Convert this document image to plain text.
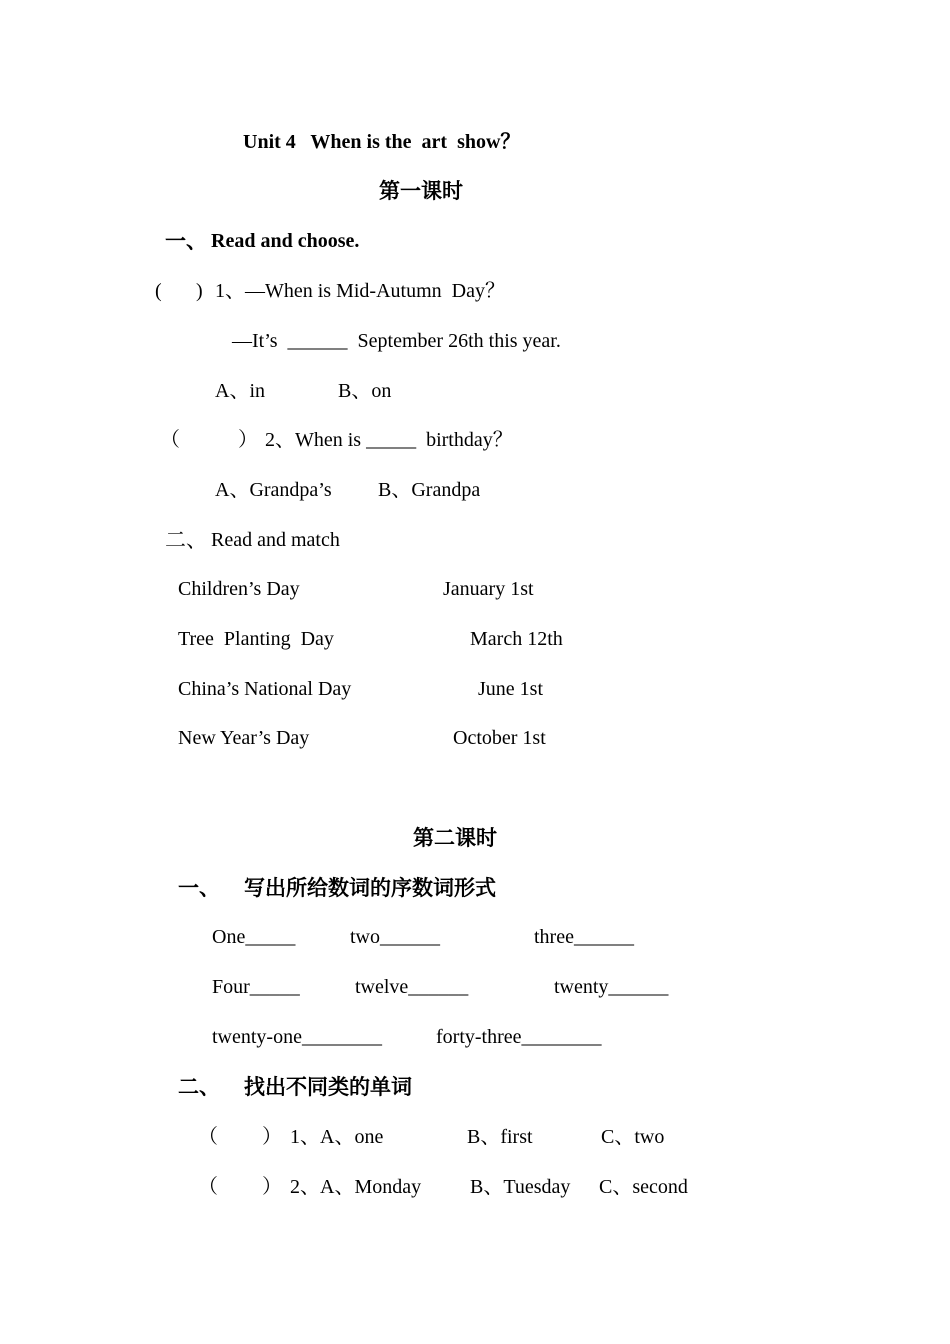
Unit 4   When is the  art  show？
第一课时
一、 Read and choose.
( ) 1、—When is Mid-Autumn  Day？
—It’s  ______  September 26th this year.
A、in	B、on
（	） 2、When is _____  birthday？
A、Grandpa’s B、Grandpa
二、 Read and match
Children’s Day	January 1st
Tree  Planting  Day	March 12th
China’s National Day	June 1st
New Year’s Day	October 1st
第二课时
一、 写出所给数词的序数词形式
One_____	two______	three______
Four_____	twelve______	twenty______
twenty-one________	forty-three________
二、 找出不同类的单词
（ ） 1、A、one	B、first	C、two
（ ） 2、A、Monday B、Tuesday C、second
